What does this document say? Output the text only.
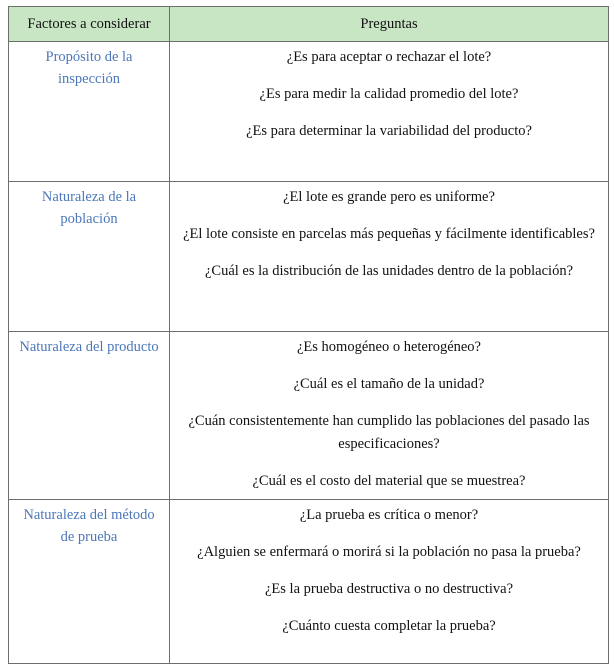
Factores a considerar	Preguntas
Propósito de la inspección	¿Es para aceptar o rechazar el lote?
¿Es para medir la calidad promedio del lote?
¿Es para determinar la variabilidad del producto?

Naturaleza de la población	¿El lote es grande pero es uniforme?
¿El lote consiste en parcelas más pequeñas y fácilmente identificables?
¿Cuál es la distribución de las unidades dentro de la población?

Naturaleza del producto	¿Es homogéneo o heterogéneo?
¿Cuál es el tamaño de la unidad?
¿Cuán consistentemente han cumplido las poblaciones del pasado las especificaciones?
¿Cuál es el costo del material que se muestrea?

Naturaleza del método de prueba	¿La prueba es crítica o menor?
¿Alguien se enfermará o morirá si la población no pasa la prueba?
¿Es la prueba destructiva o no destructiva?
¿Cuánto cuesta completar la prueba?
